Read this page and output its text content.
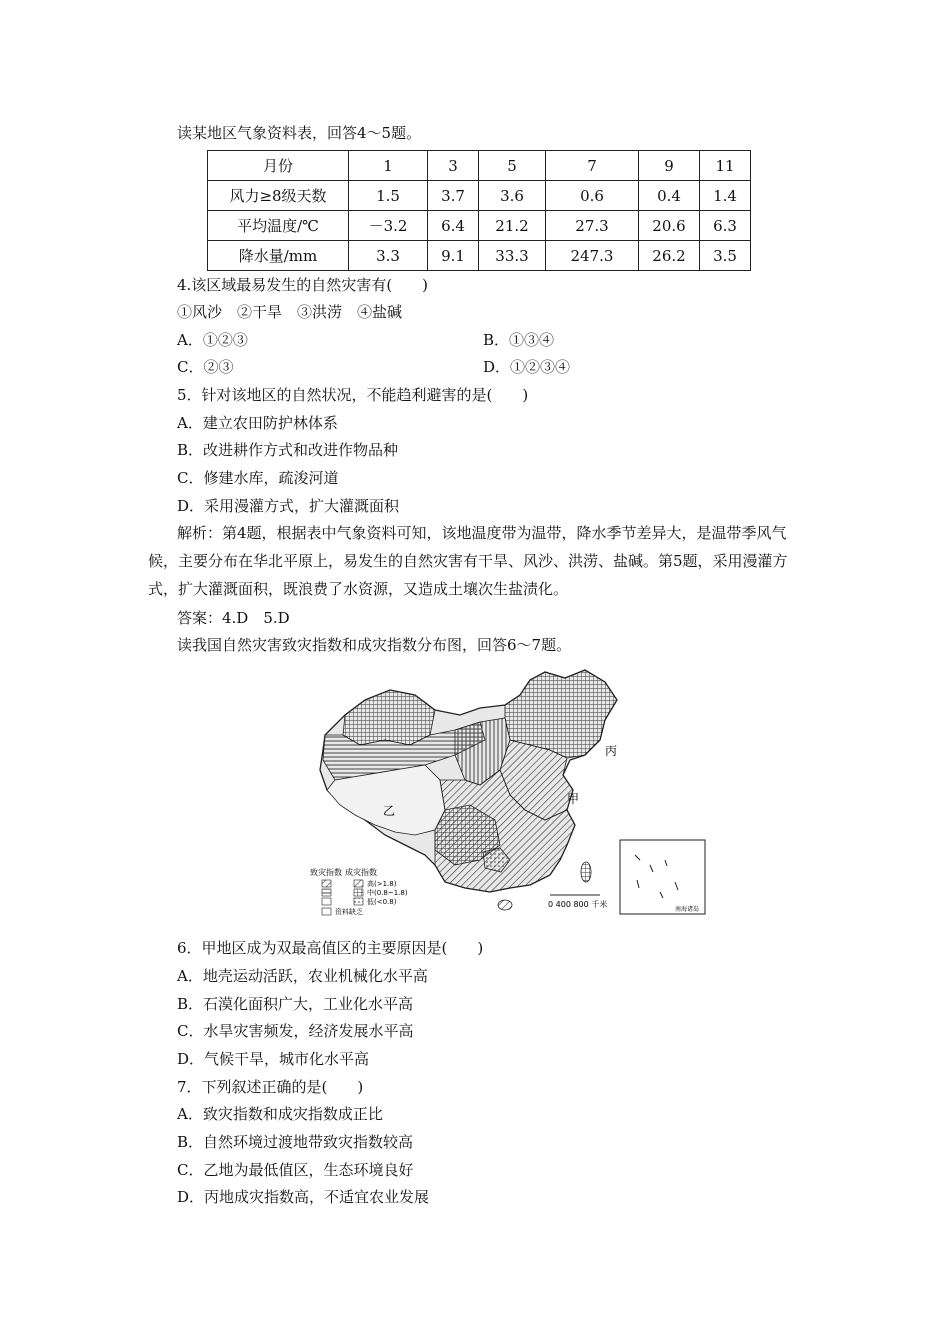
读某地区气象资料表，回答4～5题。
月份	1	3	5	7	9	11
风力≥8级天数	1.5	3.7	3.6	0.6	0.4	1.4
平均温度/℃	－3.2	6.4	21.2	27.3	20.6	6.3
降水量/mm	3.3	9.1	33.3	247.3	26.2	3.5
4.该区域最易发生的自然灾害有(　　)
①风沙　②干旱　③洪涝　④盐碱
A．①②③	B．①③④
C．②③	D．①②③④
5．针对该地区的自然状况，不能趋利避害的是(　　)
A．建立农田防护林体系
B．改进耕作方式和改进作物品种
C．修建水库，疏浚河道
D．采用漫灌方式，扩大灌溉面积
解析：第4题，根据表中气象资料可知，该地温度带为温带，降水季节差异大，是温带季风气候，主要分布在华北平原上，易发生的自然灾害有干旱、风沙、洪涝、盐碱。第5题，采用漫灌方式，扩大灌溉面积，既浪费了水资源，又造成土壤次生盐渍化。
答案：4.D　5.D
读我国自然灾害致灾指数和成灾指数分布图，回答6～7题。
丙
甲
乙
致灾指数 成灾指数
高(>1.8)
中(0.8~1.8)
低(<0.8)
资料缺乏
0 400 800 千米
南海诸岛
6．甲地区成为双最高值区的主要原因是(　　)
A．地壳运动活跃，农业机械化水平高
B．石漠化面积广大，工业化水平高
C．水旱灾害频发，经济发展水平高
D．气候干旱，城市化水平高
7．下列叙述正确的是(　　)
A．致灾指数和成灾指数成正比
B．自然环境过渡地带致灾指数较高
C．乙地为最低值区，生态环境良好
D．丙地成灾指数高，不适宜农业发展
